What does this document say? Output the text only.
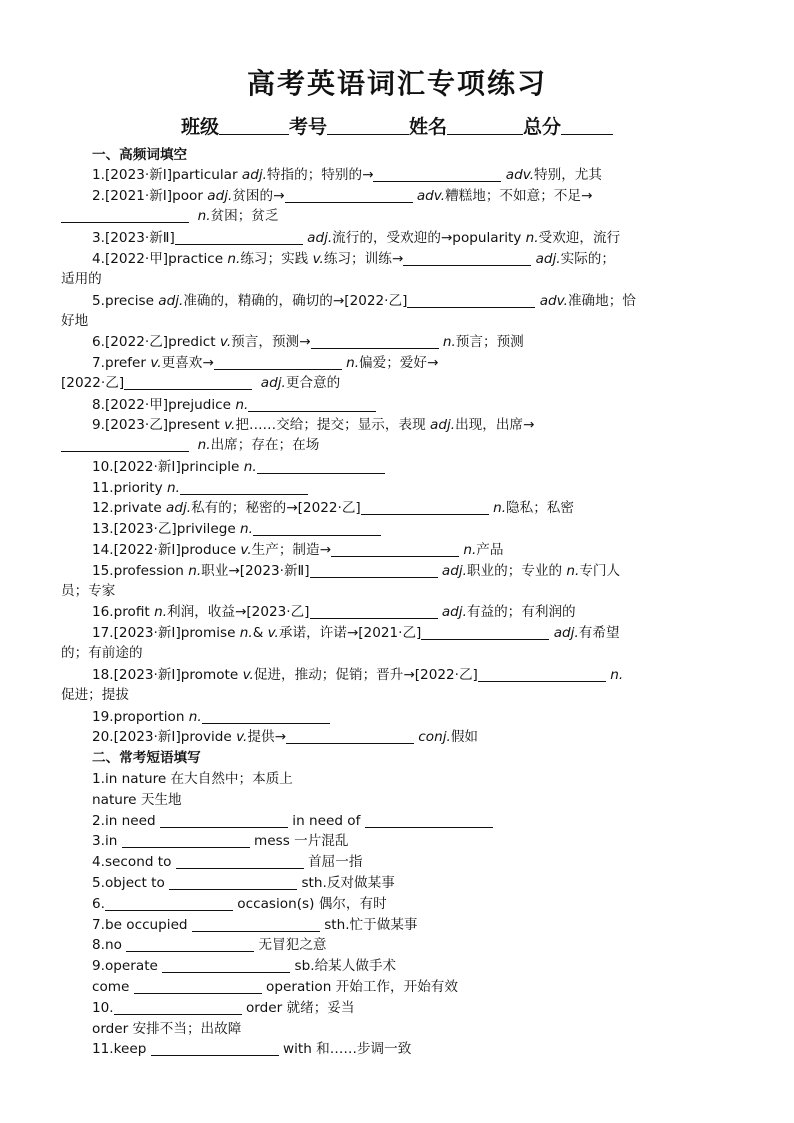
高考英语词汇专项练习
班级	考号	姓名	总分
一、高频词填空
1.[2023·新Ⅰ]particular adj.特指的；特别的→	adv.特别，尤其
2.[2021·新Ⅰ]poor adj.贫困的→	adv.糟糕地；不如意；不足→
n.贫困；贫乏
3.[2023·新Ⅱ]	adj.流行的，受欢迎的→popularity n.受欢迎，流行
4.[2022·甲]practice n.练习；实践 v.练习；训练→	adj.实际的；
适用的
5.precise adj.准确的，精确的，确切的→[2022·乙]	adv.准确地；恰
好地
6.[2022·乙]predict v.预言，预测→	n.预言；预测
7.prefer v.更喜欢→	n.偏爱；爱好→
[2022·乙]	adj.更合意的
8.[2022·甲]prejudice n.
9.[2023·乙]present v.把……交给；提交；显示，表现 adj.出现，出席→
n.出席；存在；在场
10.[2022·新Ⅰ]principle n.
11.priority n.
12.private adj.私有的；秘密的→[2022·乙]	n.隐私；私密
13.[2023·乙]privilege n.
14.[2022·新Ⅰ]produce v.生产；制造→	n.产品
15.profession n.职业→[2023·新Ⅱ]	adj.职业的；专业的 n.专门人
员；专家
16.profit n.利润，收益→[2023·乙]	adj.有益的；有利润的
17.[2023·新Ⅰ]promise n.& v.承诺，许诺→[2021·乙]	adj.有希望
的；有前途的
18.[2023·新Ⅰ]promote v.促进，推动；促销；晋升→[2022·乙]	n.
促进；提拔
19.proportion n.
20.[2023·新Ⅰ]provide v.提供→	conj.假如
二、常考短语填写
1.in nature 在大自然中；本质上
nature 天生地
2.in need	in need of
3.in	mess 一片混乱
4.second to	首屈一指
5.object to	sth.反对做某事
6.	occasion(s) 偶尔，有时
7.be occupied	sth.忙于做某事
8.no	无冒犯之意
9.operate	sb.给某人做手术
come	operation 开始工作，开始有效
10.	order 就绪；妥当
order 安排不当；出故障
11.keep	with 和……步调一致
